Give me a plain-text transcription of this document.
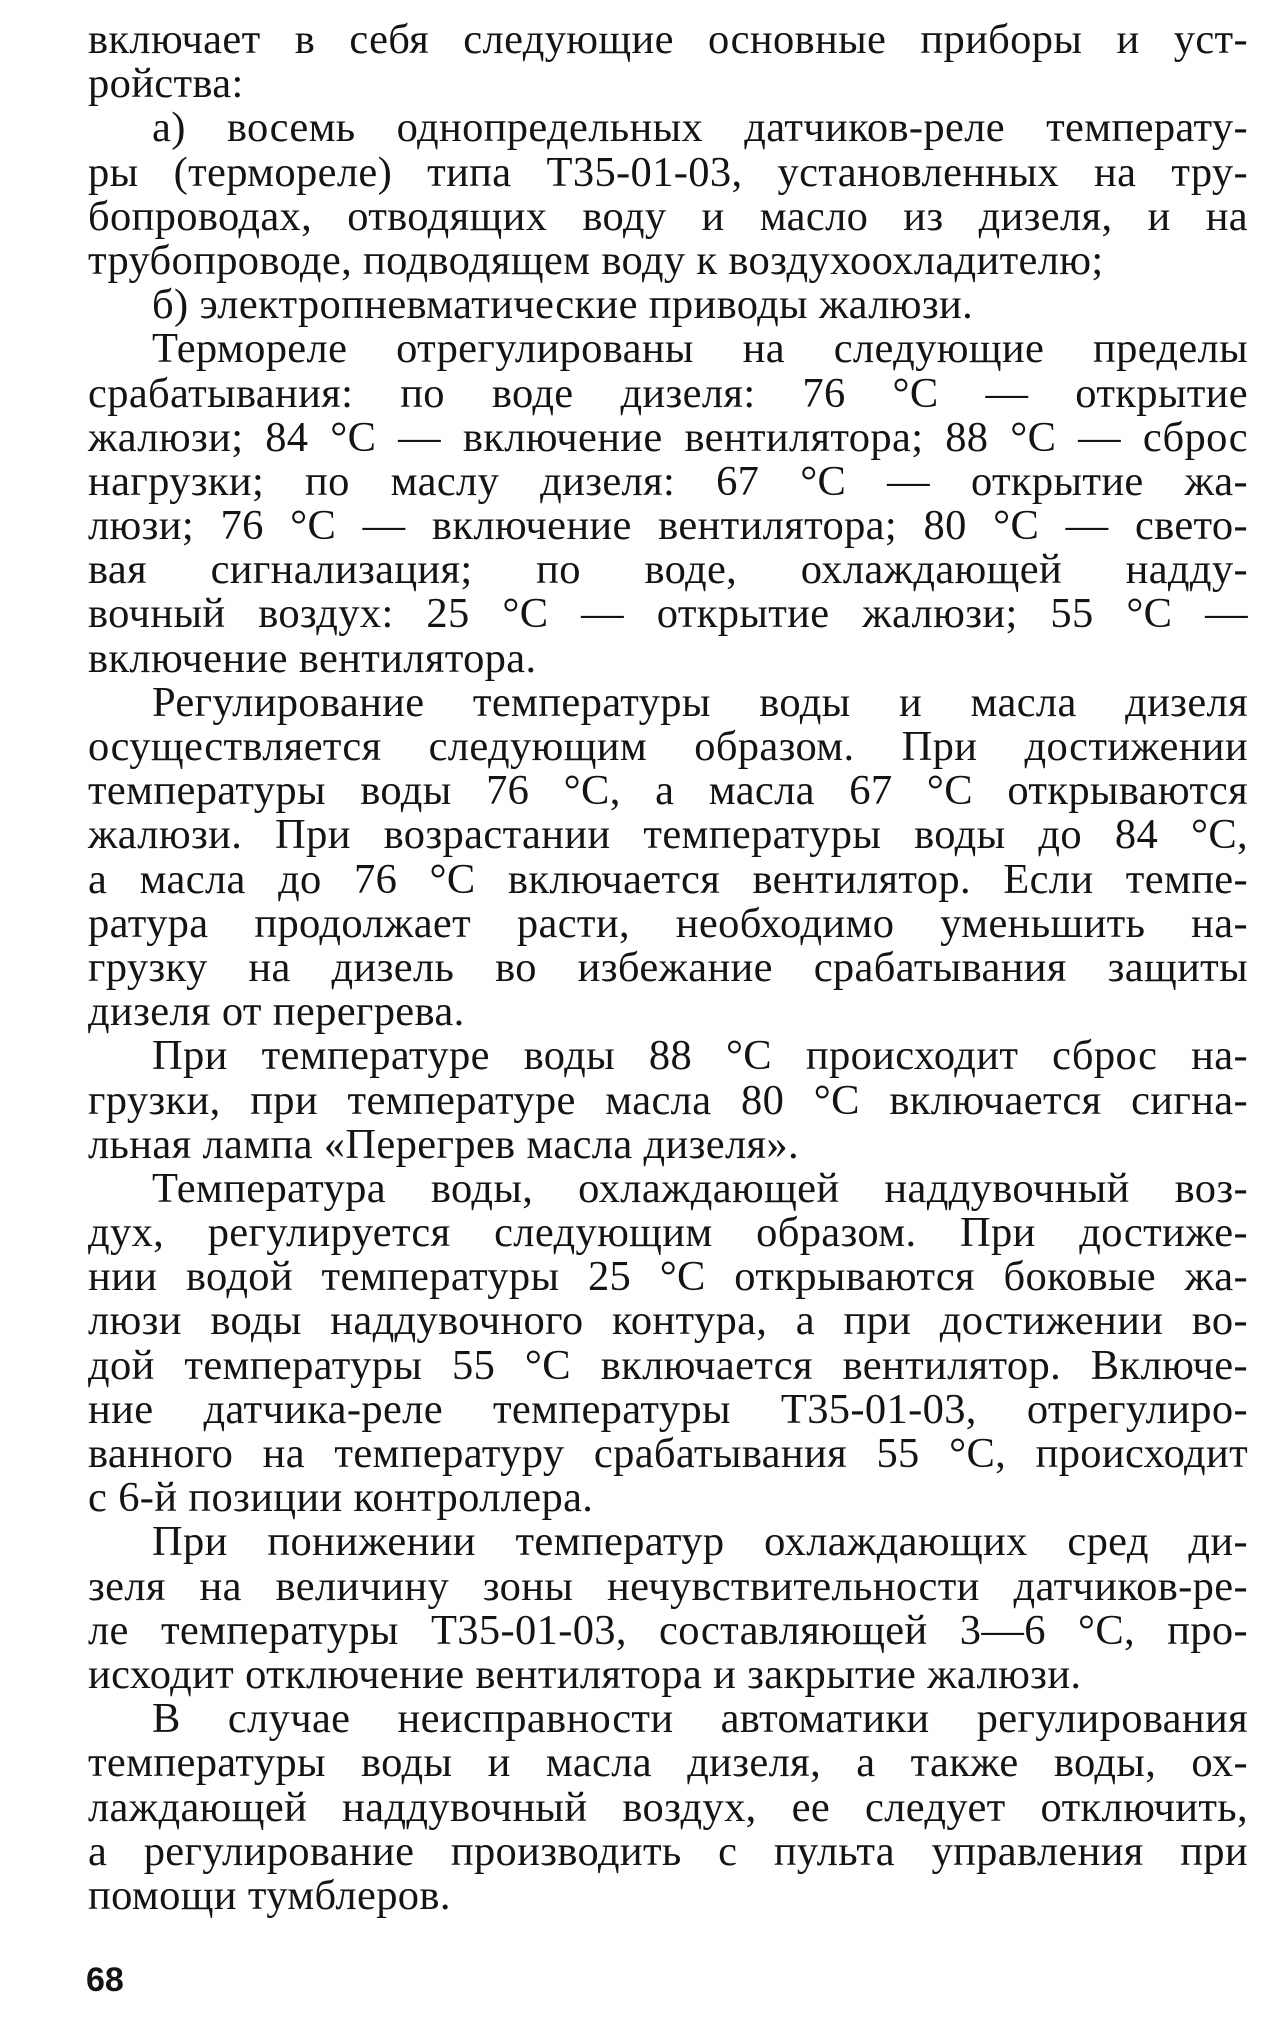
включает в себя следующие основные приборы и уст-
ройства:
а) восемь однопредельных датчиков-реле температу-
ры (термореле) типа Т35-01-03, установленных на тру-
бопроводах, отводящих воду и масло из дизеля, и на
трубопроводе, подводящем воду к воздухоохладителю;
б) электропневматические приводы жалюзи.
Термореле отрегулированы на следующие пределы
срабатывания: по воде дизеля: 76 °С — открытие
жалюзи; 84 °С — включение вентилятора; 88 °С — сброс
нагрузки; по маслу дизеля: 67 °С — открытие жа-
люзи; 76 °С — включение вентилятора; 80 °С — свето-
вая сигнализация; по воде, охлаждающей надду-
вочный воздух: 25 °С — открытие жалюзи; 55 °С —
включение вентилятора.
Регулирование температуры воды и масла дизеля
осуществляется следующим образом. При достижении
температуры воды 76 °С, а масла 67 °С открываются
жалюзи. При возрастании температуры воды до 84 °С,
а масла до 76 °С включается вентилятор. Если темпе-
ратура продолжает расти, необходимо уменьшить на-
грузку на дизель во избежание срабатывания защиты
дизеля от перегрева.
При температуре воды 88 °С происходит сброс на-
грузки, при температуре масла 80 °С включается сигна-
льная лампа «Перегрев масла дизеля».
Температура воды, охлаждающей наддувочный воз-
дух, регулируется следующим образом. При достиже-
нии водой температуры 25 °С открываются боковые жа-
люзи воды наддувочного контура, а при достижении во-
дой температуры 55 °С включается вентилятор. Включе-
ние датчика-реле температуры Т35-01-03, отрегулиро-
ванного на температуру срабатывания 55 °С, происходит
с 6-й позиции контроллера.
При понижении температур охлаждающих сред ди-
зеля на величину зоны нечувствительности датчиков-ре-
ле температуры Т35-01-03, составляющей 3—6 °С, про-
исходит отключение вентилятора и закрытие жалюзи.
В случае неисправности автоматики регулирования
температуры воды и масла дизеля, а также воды, ох-
лаждающей наддувочный воздух, ее следует отключить,
а регулирование производить с пульта управления при
помощи тумблеров.
68
